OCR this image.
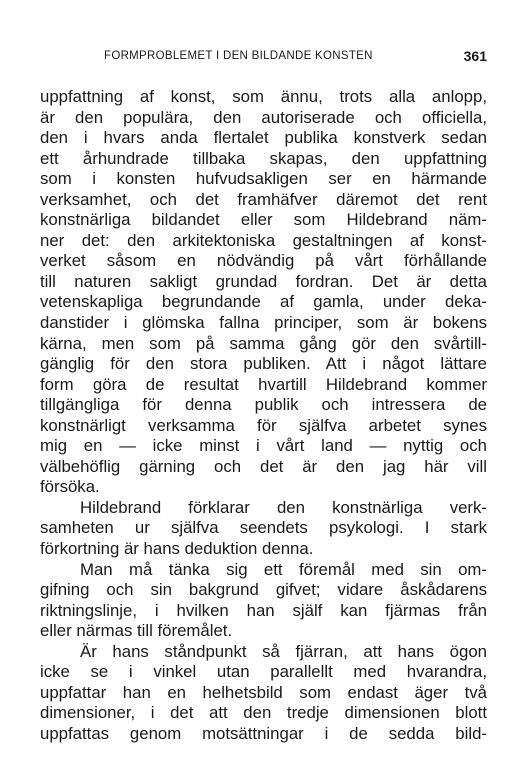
FORMPROBLEMET I DEN BILDANDE KONSTEN	361
uppfattning af konst, som ännu, trots alla anlopp,
är den populära, den autoriserade och officiella,
den i hvars anda flertalet publika konstverk sedan
ett århundrade tillbaka skapas, den uppfattning
som i konsten hufvudsakligen ser en härmande
verksamhet, och det framhäfver däremot det rent
konstnärliga bildandet eller som Hildebrand näm-
ner det: den arkitektoniska gestaltningen af konst-
verket såsom en nödvändig på vårt förhållande
till naturen sakligt grundad fordran. Det är detta
vetenskapliga begrundande af gamla, under deka-
danstider i glömska fallna principer, som är bokens
kärna, men som på samma gång gör den svårtill-
gänglig för den stora publiken. Att i något lättare
form göra de resultat hvartill Hildebrand kommer
tillgängliga för denna publik och intressera de
konstnärligt verksamma för själfva arbetet synes
mig en — icke minst i vårt land — nyttig och
välbehöflig gärning och det är den jag här vill
försöka.
Hildebrand förklarar den konstnärliga verk-
samheten ur själfva seendets psykologi. I stark
förkortning är hans deduktion denna.
Man må tänka sig ett föremål med sin om-
gifning och sin bakgrund gifvet; vidare åskådarens
riktningslinje, i hvilken han själf kan fjärmas från
eller närmas till föremålet.
Är hans ståndpunkt så fjärran, att hans ögon
icke se i vinkel utan parallellt med hvarandra,
uppfattar han en helhetsbild som endast äger två
dimensioner, i det att den tredje dimensionen blott
uppfattas genom motsättningar i de sedda bild-
